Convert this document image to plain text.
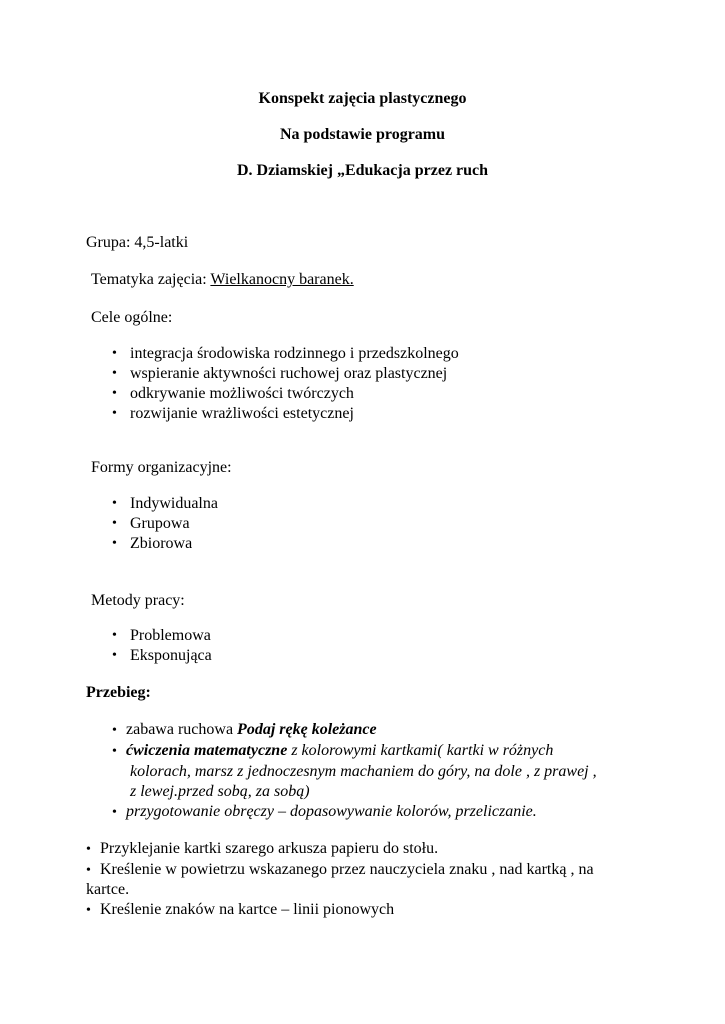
Konspekt zajęcia plastycznego
Na podstawie programu
D. Dziamskiej „Edukacja przez ruch
Grupa: 4,5-latki
Tematyka zajęcia: Wielkanocny baranek.
Cele ogólne:
• integracja środowiska rodzinnego i przedszkolnego
• wspieranie aktywności ruchowej oraz plastycznej
• odkrywanie możliwości twórczych
• rozwijanie wrażliwości estetycznej
Formy organizacyjne:
• Indywidualna
• Grupowa
• Zbiorowa
Metody pracy:
• Problemowa
• Eksponująca
Przebieg:
• zabawa ruchowa Podaj rękę koleżance
• ćwiczenia matematyczne z kolorowymi kartkami( kartki w różnych
kolorach, marsz z jednoczesnym machaniem do góry, na dole , z prawej ,
z lewej.przed sobą, za sobą)
• przygotowanie obręczy – dopasowywanie kolorów, przeliczanie.
• Przyklejanie kartki szarego arkusza papieru do stołu.
• Kreślenie w powietrzu wskazanego przez nauczyciela znaku , nad kartką , na
kartce.
• Kreślenie znaków na kartce – linii pionowych
